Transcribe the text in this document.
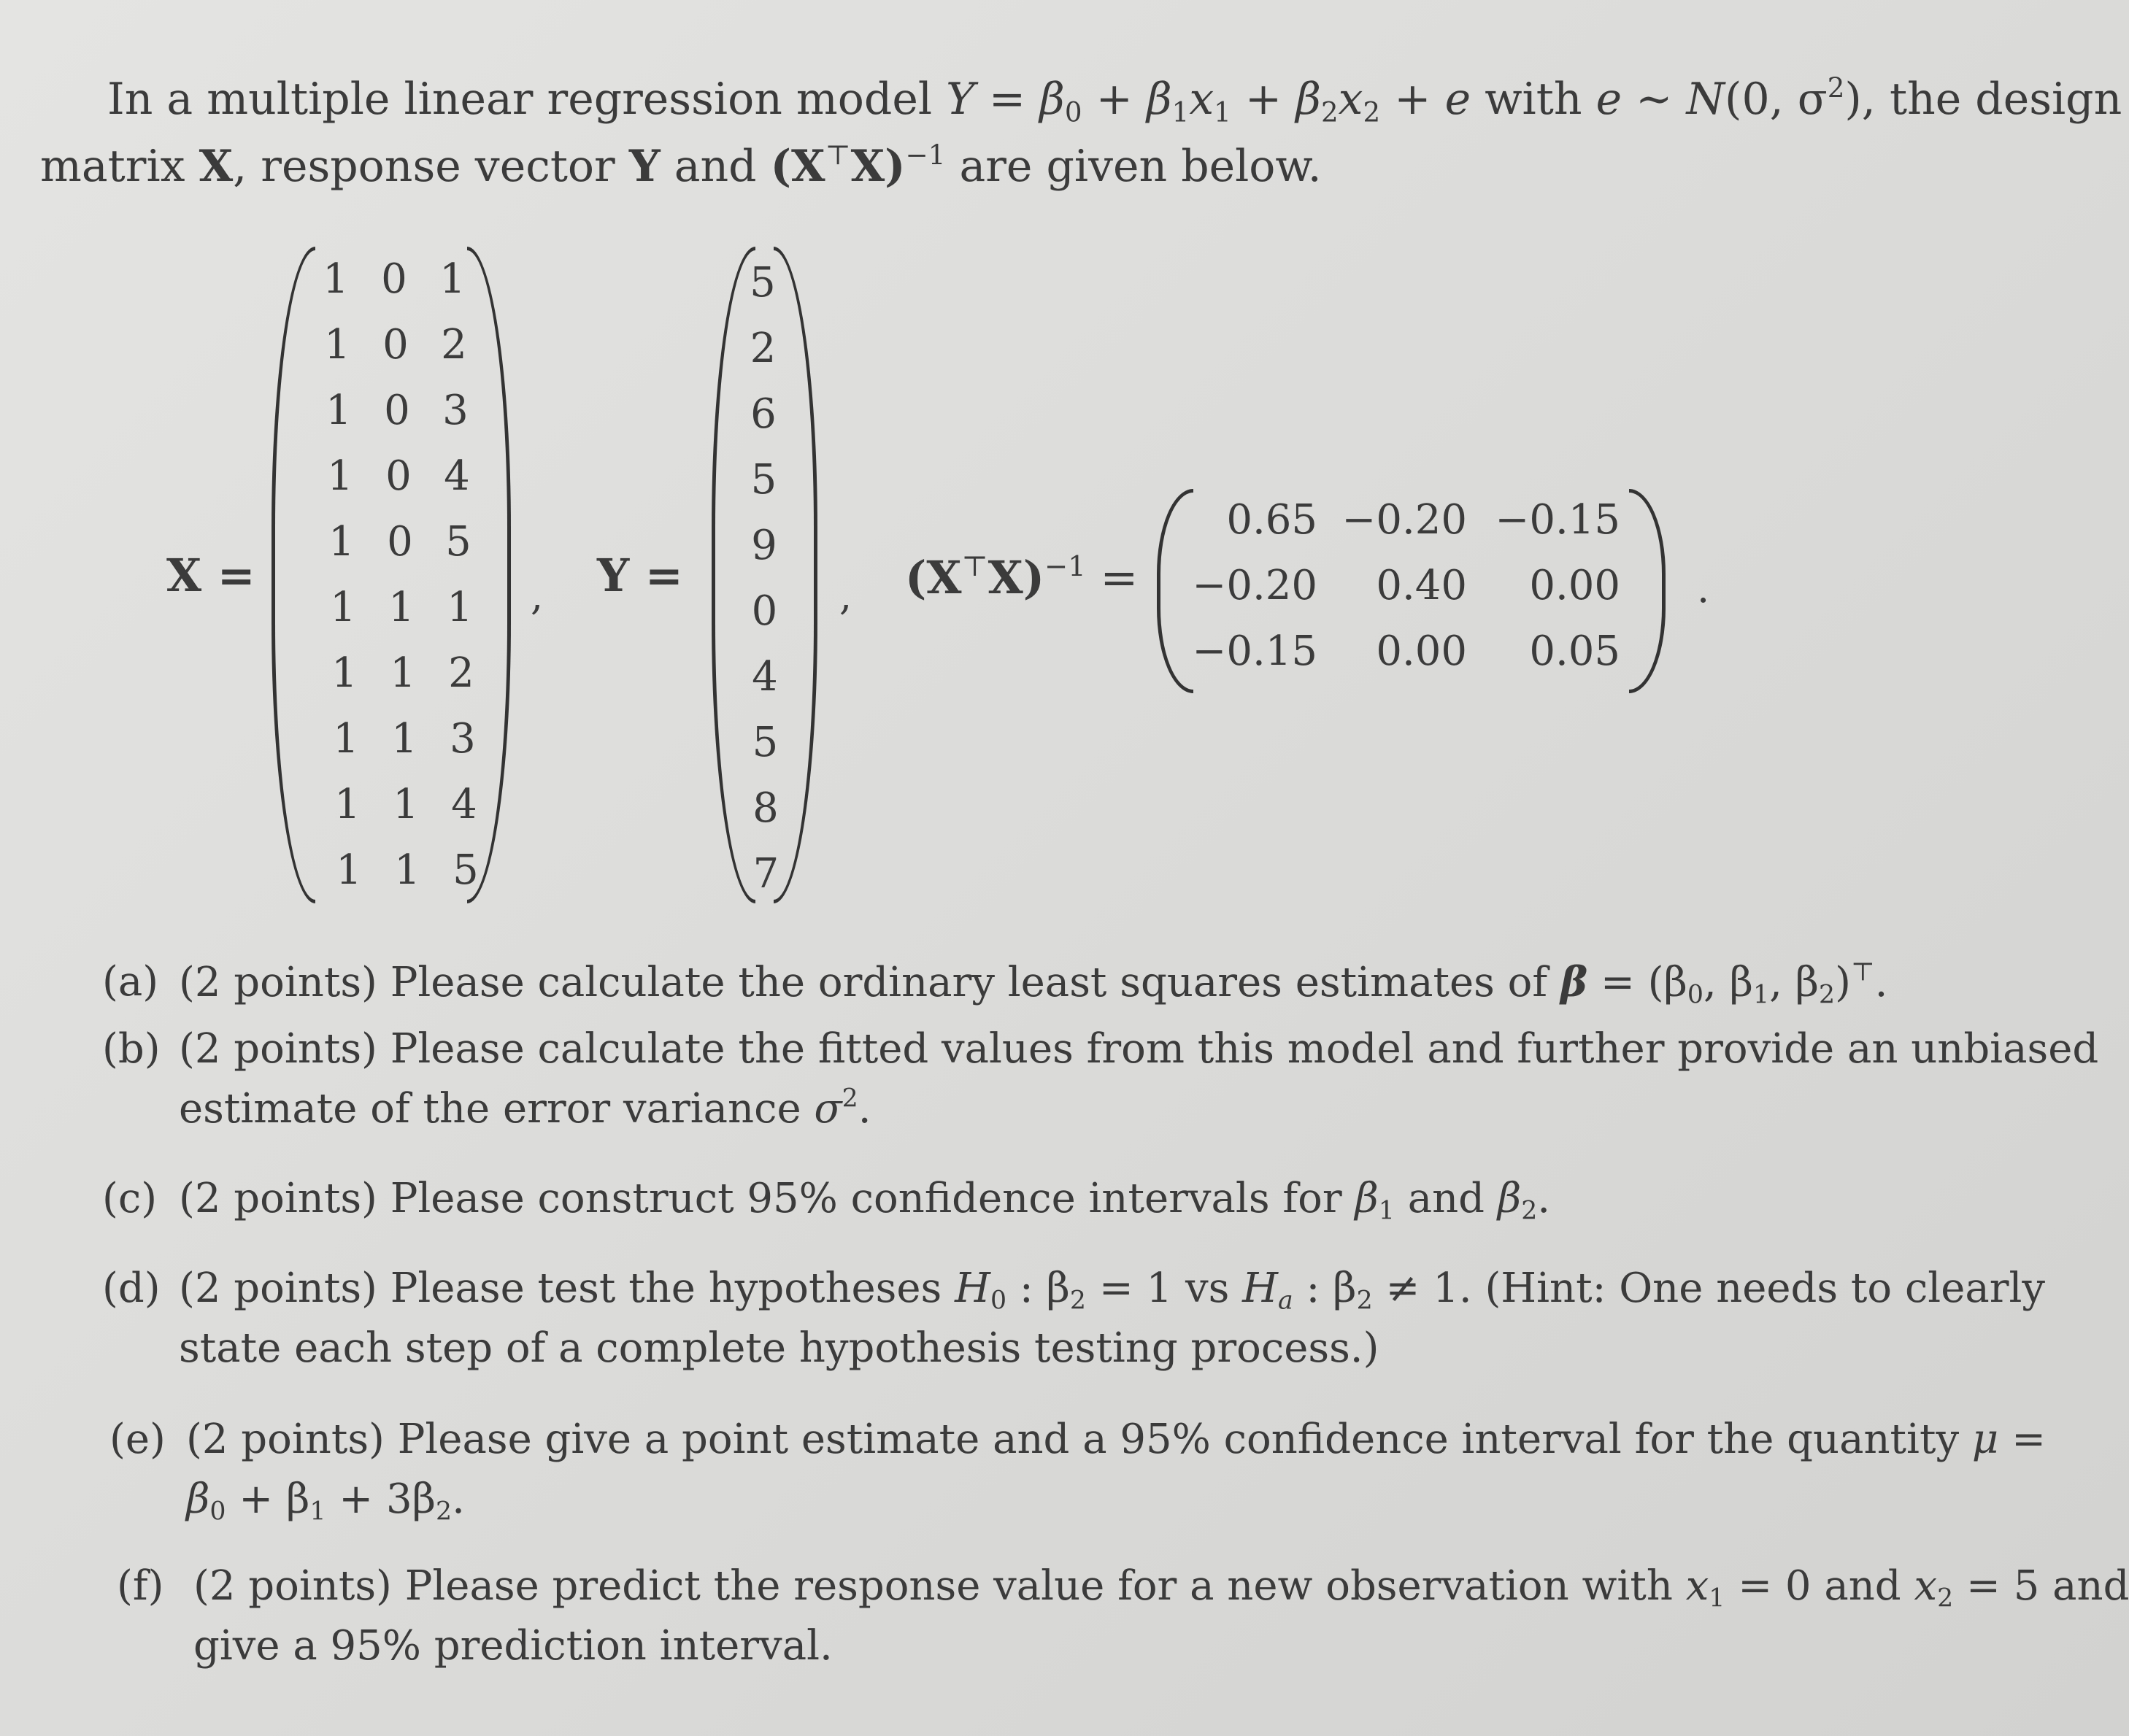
In a multiple linear regression model $Y = \beta_0 + \beta_1x_1 + \beta_2x_2 + e$ with e ∼ N(0, $\sigma^2$), the design
matrix X, response vector Y and $(X^⊤X)^{-1}$ are given below.
X =
1 0 1
1 0 2
1 0 3
1 0 4
1 0 5
1 1 1
1 1 2
1 1 3
1 1 4
1 1 5
, Y =
5
2
6
5
9
0
4
5
8
7
, $(X^⊤X)^{-1}$ =
0.65 −0.20 −0.15
−0.20	0.40	0.00
−0.15	0.00	0.05
.
(a) (2 points) Please calculate the ordinary least squares estimates of $\beta = (\beta_0$, $\beta_1$, $\beta_2)^⊤$.
(b) (2 points) Please calculate the fitted values from this model and further provide an unbiased
estimate of the error variance $\sigma^2$.
(c) (2 points) Please construct 95% confidence intervals for $\beta_1$ and $\beta_2$.
(d) (2 points) Please test the hypotheses $H_0$ : $\beta_2 = 1$ vs $H_a$ : $\beta_2 \ne 1$. (Hint: One needs to clearly
state each step of a complete hypothesis testing process.)
(e) (2 points) Please give a point estimate and a 95% confidence interval for the quantity μ =
$\beta_0 + \beta_1 + 3\beta_2$.
(f) (2 points) Please predict the response value for a new observation with $x_1 = 0$ and $x_2 = 5$ and
give a 95% prediction interval.
